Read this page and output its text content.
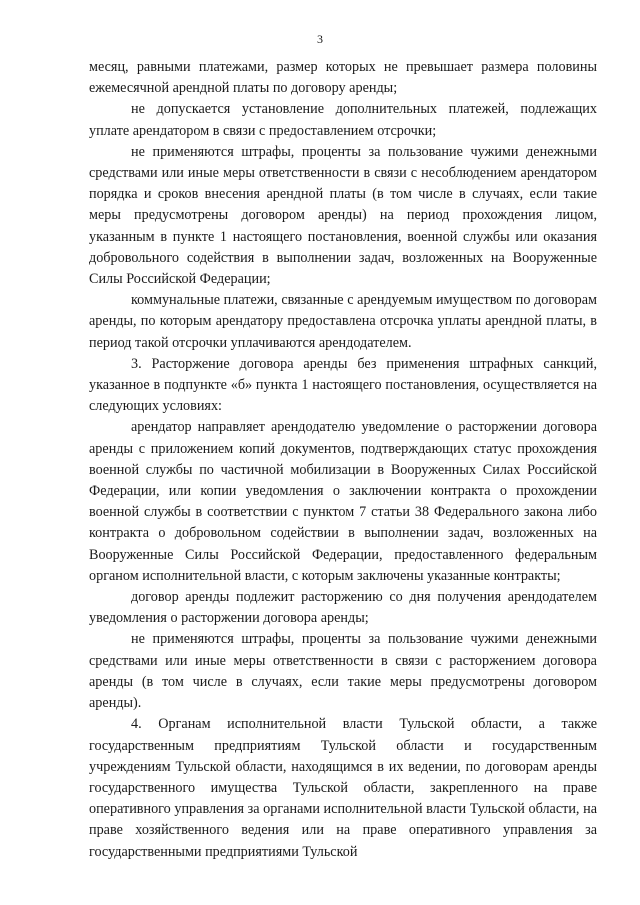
3

месяц, равными платежами, размер которых не превышает размера половины ежемесячной арендной платы по договору аренды;

не допускается установление дополнительных платежей, подлежащих уплате арендатором в связи с предоставлением отсрочки;

не применяются штрафы, проценты за пользование чужими денежными средствами или иные меры ответственности в связи с несоблюдением арендатором порядка и сроков внесения арендной платы (в том числе в случаях, если такие меры предусмотрены договором аренды) на период прохождения лицом, указанным в пункте 1 настоящего постановления, военной службы или оказания добровольного содействия в выполнении задач, возложенных на Вооруженные Силы Российской Федерации;

коммунальные платежи, связанные с арендуемым имуществом по договорам аренды, по которым арендатору предоставлена отсрочка уплаты арендной платы, в период такой отсрочки уплачиваются арендодателем.

3. Расторжение договора аренды без применения штрафных санкций, указанное в подпункте «б» пункта 1 настоящего постановления, осуществляется на следующих условиях:

арендатор направляет арендодателю уведомление о расторжении договора аренды с приложением копий документов, подтверждающих статус прохождения военной службы по частичной мобилизации в Вооруженных Силах Российской Федерации, или копии уведомления о заключении контракта о прохождении военной службы в соответствии с пунктом 7 статьи 38 Федерального закона либо контракта о добровольном содействии в выполнении задач, возложенных на Вооруженные Силы Российской Федерации, предоставленного федеральным органом исполнительной власти, с которым заключены указанные контракты;

договор аренды подлежит расторжению со дня получения арендодателем уведомления о расторжении договора аренды;

не применяются штрафы, проценты за пользование чужими денежными средствами или иные меры ответственности в связи с расторжением договора аренды (в том числе в случаях, если такие меры предусмотрены договором аренды).

4. Органам исполнительной власти Тульской области, а также государственным предприятиям Тульской области и государственным учреждениям Тульской области, находящимся в их ведении, по договорам аренды государственного имущества Тульской области, закрепленного на праве оперативного управления за органами исполнительной власти Тульской области, на праве хозяйственного ведения или на праве оперативного управления за государственными предприятиями Тульской
